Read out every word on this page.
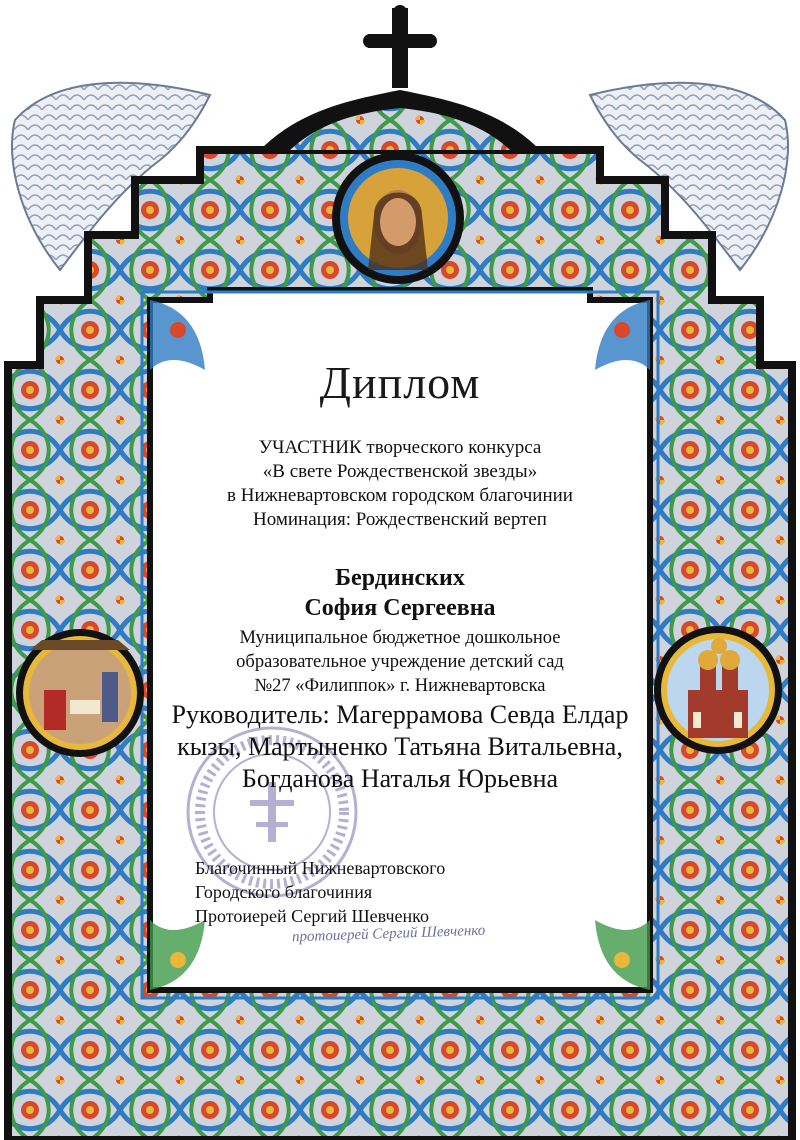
Диплом
УЧАСТНИК творческого конкурса
«В свете Рождественской звезды»
в Нижневартовском городском благочинии
Номинация: Рождественский вертеп
Бердинских
София Сергеевна
Муниципальное бюджетное дошкольное
образовательное учреждение детский сад
№27 «Филиппок» г. Нижневартовска
Руководитель: Магеррамова Севда Елдар кызы, Мартыненко Татьяна Витальевна, Богданова Наталья Юрьевна
Благочинный Нижневартовского
Городского благочиния
Протоиерей Сергий Шевченко
протоиерей Сергий Шевченко
